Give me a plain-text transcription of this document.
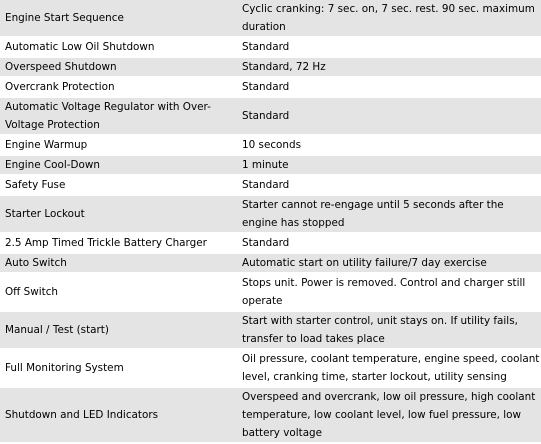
Engine Start Sequence	Cyclic cranking: 7 sec. on, 7 sec. rest. 90 sec. maximum duration
Automatic Low Oil Shutdown	Standard
Overspeed Shutdown	Standard, 72 Hz
Overcrank Protection	Standard
Automatic Voltage Regulator with Over-Voltage Protection	Standard
Engine Warmup	10 seconds
Engine Cool-Down	1 minute
Safety Fuse	Standard
Starter Lockout	Starter cannot re-engage until 5 seconds after the engine has stopped
2.5 Amp Timed Trickle Battery Charger	Standard
Auto Switch	Automatic start on utility failure/7 day exercise
Off Switch	Stops unit. Power is removed. Control and charger still operate
Manual / Test (start)	Start with starter control, unit stays on. If utility fails, transfer to load takes place
Full Monitoring System	Oil pressure, coolant temperature, engine speed, coolant level, cranking time, starter lockout, utility sensing
Shutdown and LED Indicators	Overspeed and overcrank, low oil pressure, high coolant temperature, low coolant level, low fuel pressure, low battery voltage
